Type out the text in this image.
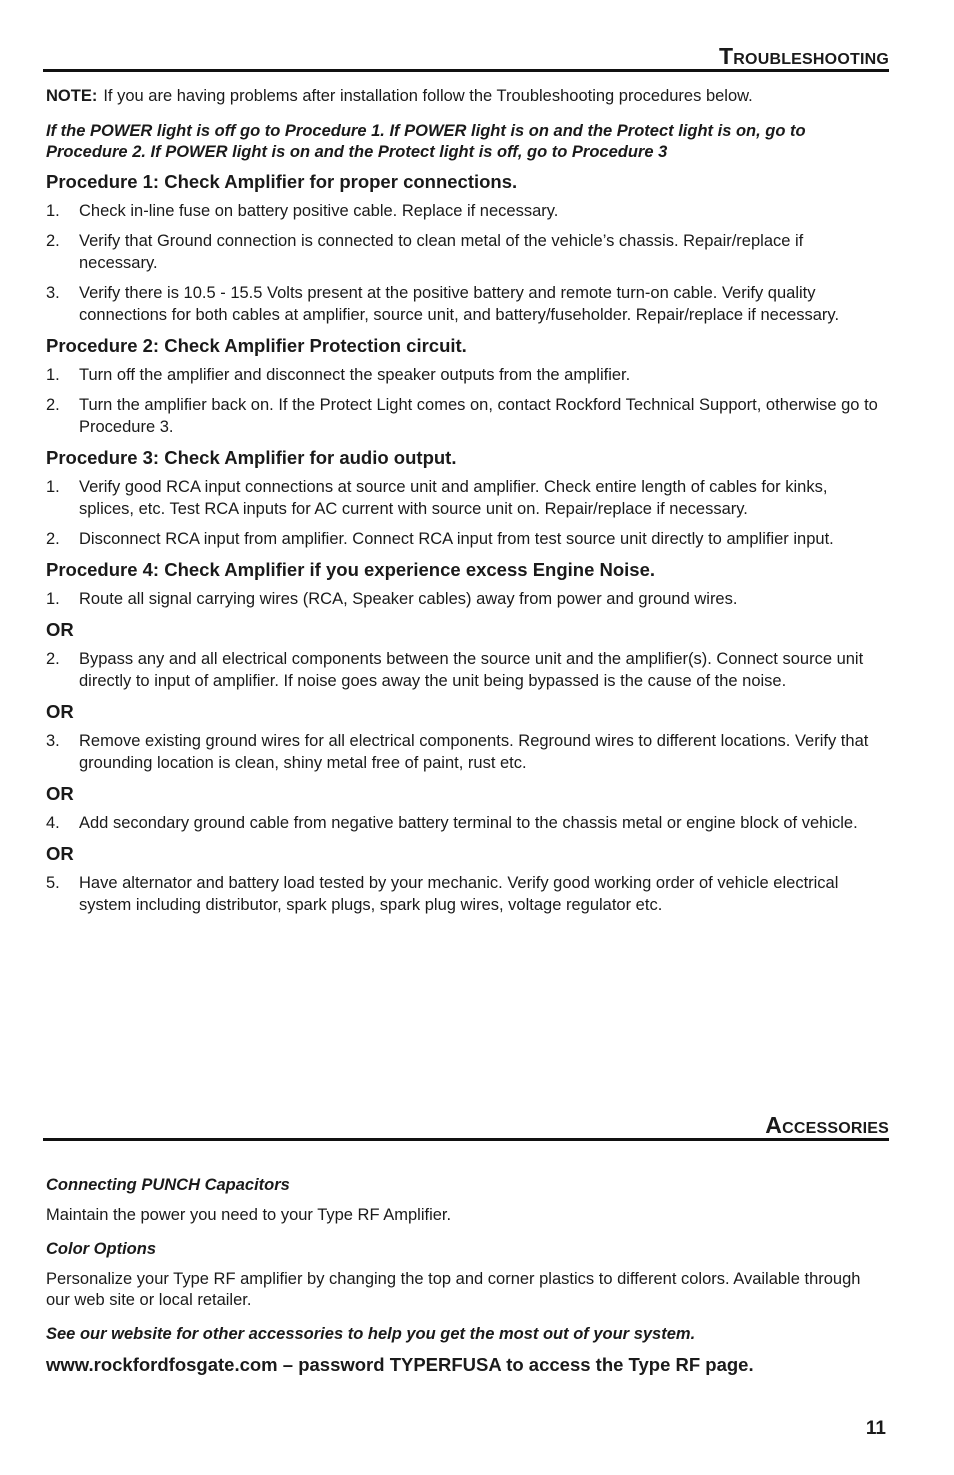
Troubleshooting

NOTE: If you are having problems after installation follow the Troubleshooting procedures below.

If the POWER light is off go to Procedure 1. If POWER light is on and the Protect light is on, go to Procedure 2. If POWER light is on and the Protect light is off, go to Procedure 3

Procedure 1: Check Amplifier for proper connections.
1.	Check in-line fuse on battery positive cable. Replace if necessary.
2.	Verify that Ground connection is connected to clean metal of the vehicle’s chassis. Repair/replace if necessary.
3.	Verify there is 10.5 - 15.5 Volts present at the positive battery and remote turn-on cable. Verify quality connections for both cables at amplifier, source unit, and battery/fuseholder. Repair/replace if necessary.
Procedure 2: Check Amplifier Protection circuit.
1.	Turn off the amplifier and disconnect the speaker outputs from the amplifier.
2.	Turn the amplifier back on. If the Protect Light comes on, contact Rockford Technical Support, otherwise go to Procedure 3.
Procedure 3: Check Amplifier for audio output.
1.	Verify good RCA input connections at source unit and amplifier. Check entire length of cables for kinks, splices, etc. Test RCA inputs for AC current with source unit on. Repair/replace if necessary.
2.	Disconnect RCA input from amplifier. Connect RCA input from test source unit directly to amplifier input.
Procedure 4: Check Amplifier if you experience excess Engine Noise.
1.	Route all signal carrying wires (RCA, Speaker cables) away from power and ground wires.
OR
2.	Bypass any and all electrical components between the source unit and the amplifier(s). Connect source unit directly to input of amplifier. If noise goes away the unit being bypassed is the cause of the noise.
OR
3.	Remove existing ground wires for all electrical components. Reground wires to different locations. Verify that grounding location is clean, shiny metal free of paint, rust etc.
OR
4.	Add secondary ground cable from negative battery terminal to the chassis metal or engine block of vehicle.
OR
5.	Have alternator and battery load tested by your mechanic. Verify good working order of vehicle electrical system including distributor, spark plugs, spark plug wires, voltage regulator etc.
Accessories

Connecting PUNCH Capacitors

Maintain the power you need to your Type RF Amplifier.

Color Options

Personalize your Type RF amplifier by changing the top and corner plastics to different colors. Available through our web site or local retailer.

See our website for other accessories to help you get the most out of your system.

www.rockfordfosgate.com – password TYPERFUSA to access the Type RF page.

11
